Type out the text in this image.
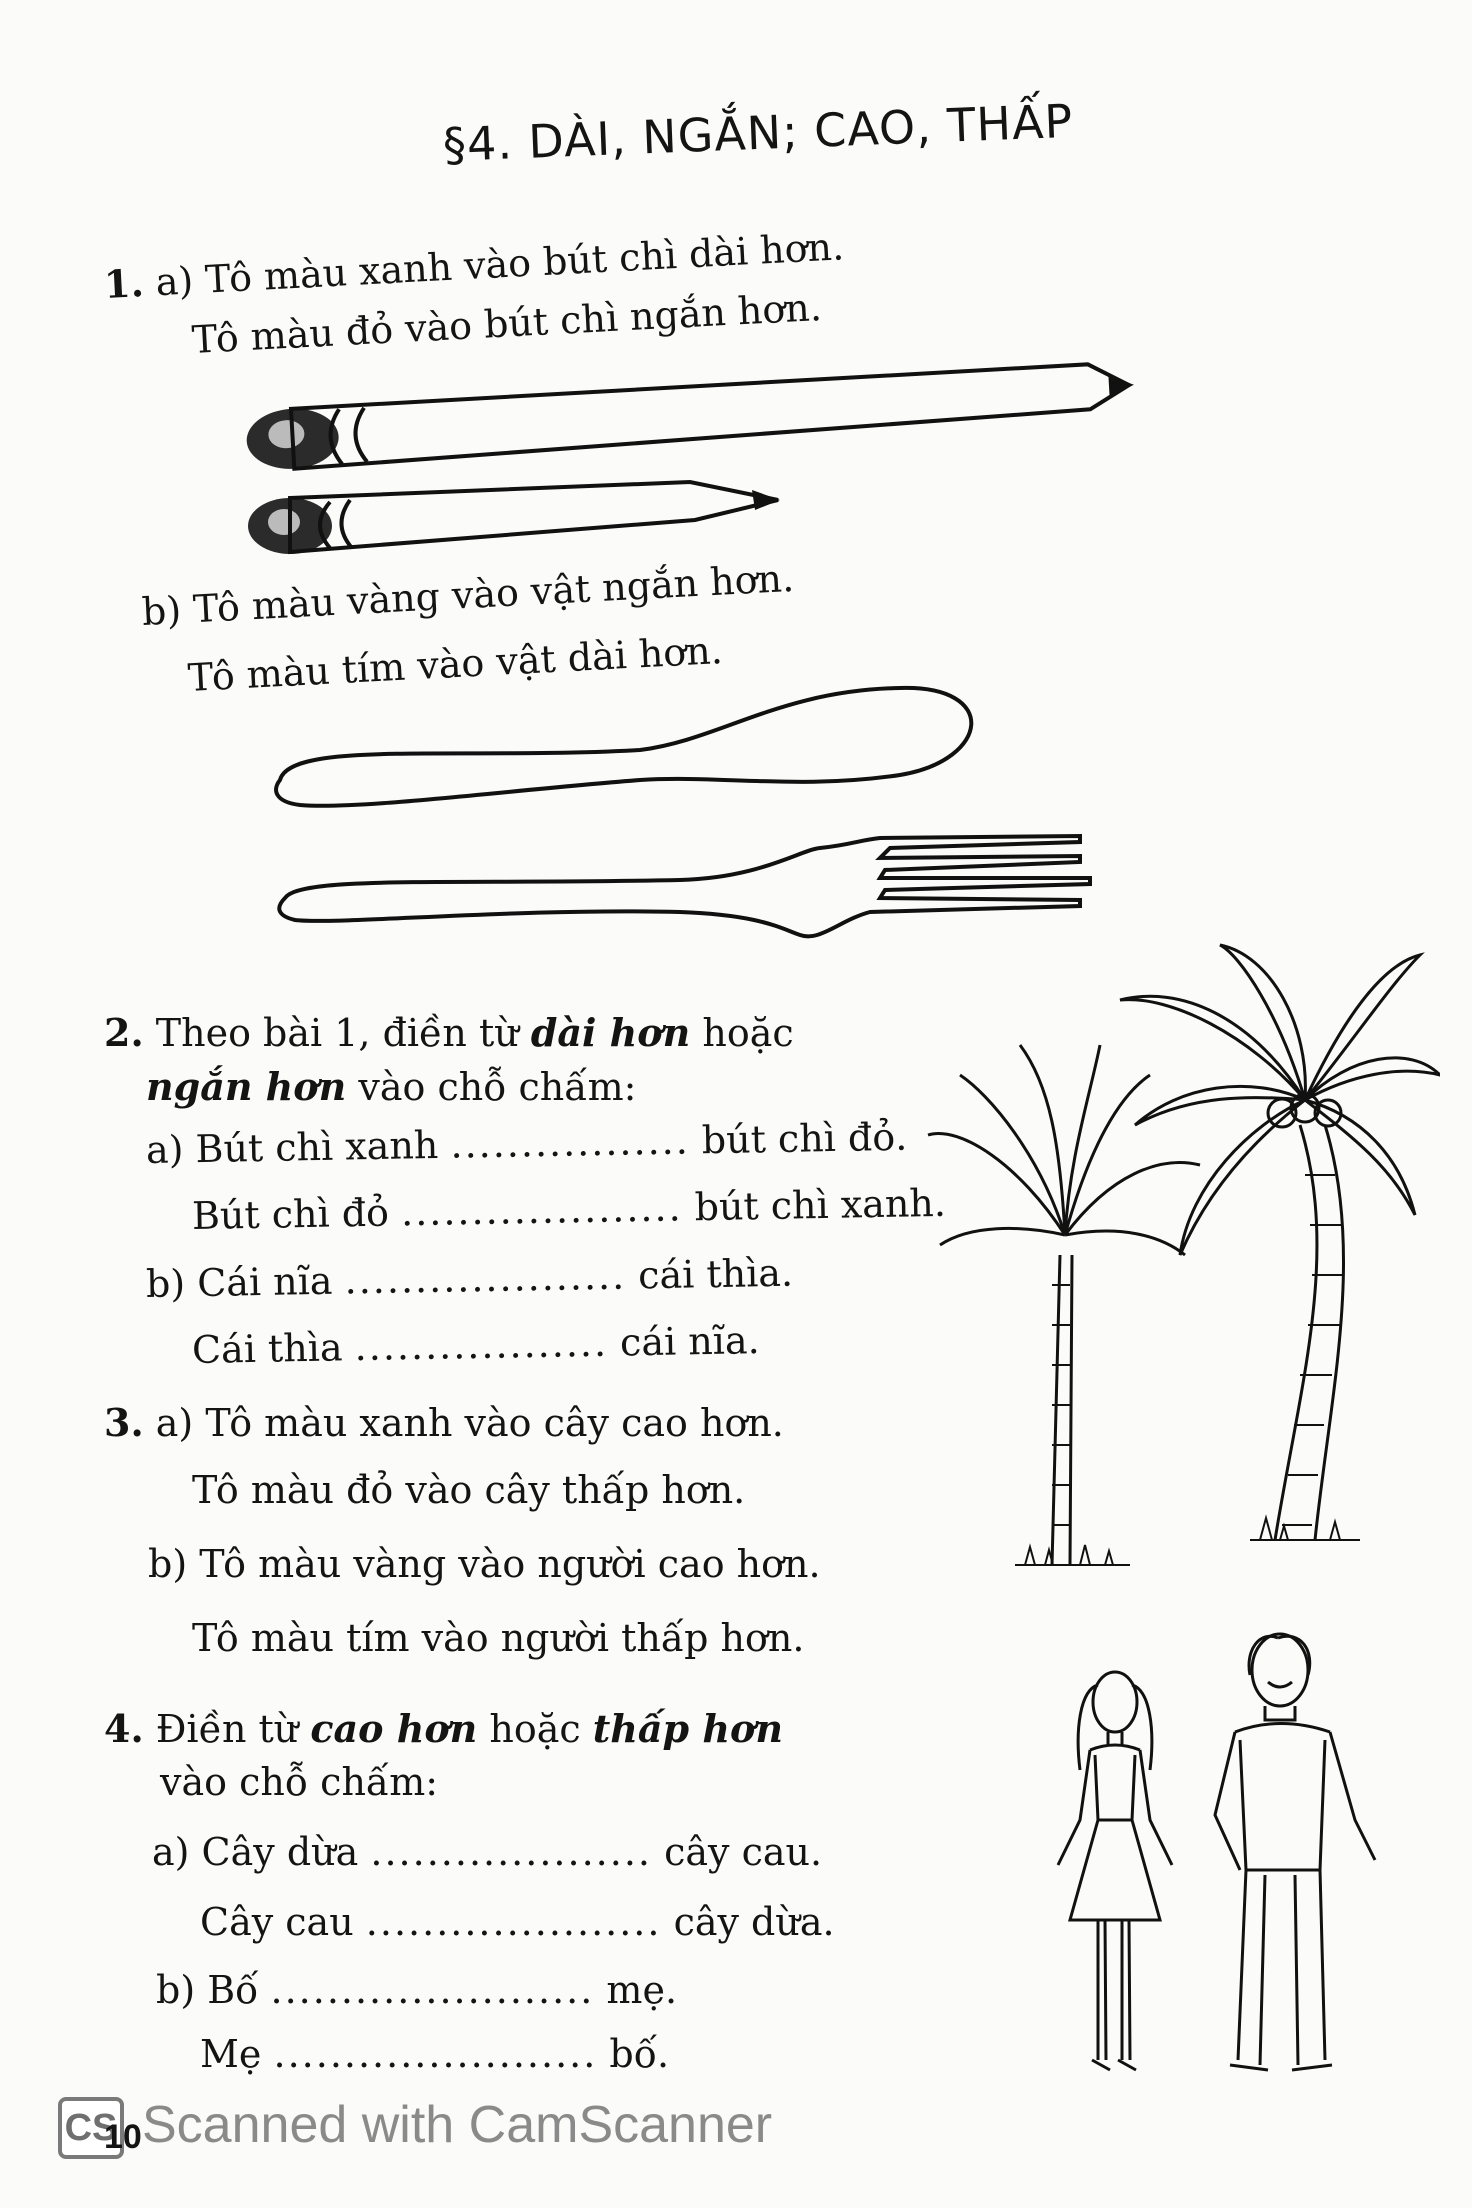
§4. DÀI, NGẮN; CAO, THẤP
1. a) Tô màu xanh vào bút chì dài hơn.
Tô màu đỏ vào bút chì ngắn hơn.
b) Tô màu vàng vào vật ngắn hơn.
Tô màu tím vào vật dài hơn.
2. Theo bài 1, điền từ dài hơn hoặc
ngắn hơn vào chỗ chấm:
a) Bút chì xanh ................. bút chì đỏ.
Bút chì đỏ .................... bút chì xanh.
b) Cái nĩa .................... cái thìa.
Cái thìa .................. cái nĩa.
3. a) Tô màu xanh vào cây cao hơn.
Tô màu đỏ vào cây thấp hơn.
b) Tô màu vàng vào người cao hơn.
Tô màu tím vào người thấp hơn.
4. Điền từ cao hơn hoặc thấp hơn
vào chỗ chấm:
a) Cây dừa .................... cây cau.
Cây cau ..................... cây dừa.
b) Bố ....................... mẹ.
Mẹ ....................... bố.
CS
10 Scanned with CamScanner
